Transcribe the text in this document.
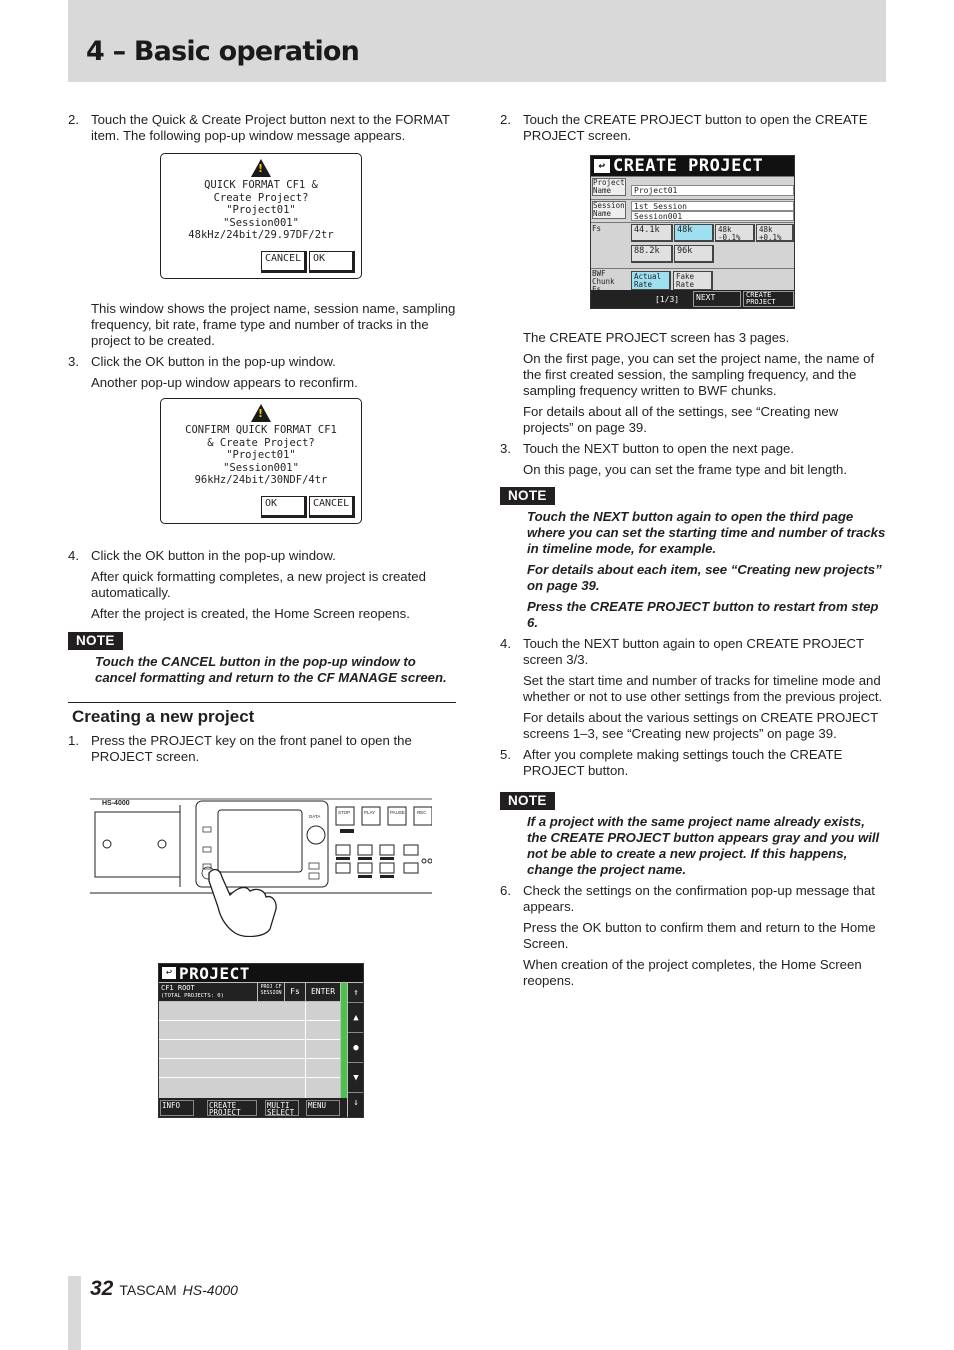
4 – Basic operation
2. Touch the Quick & Create Project button next to the FORMAT item. The following pop-up window message appears.
!
QUICK FORMAT CF1 &
Create Project?
"Project01"
"Session001"
48kHz/24bit/29.97DF/2tr
CANCEL	OK
This window shows the project name, session name, sampling frequency, bit rate, frame type and number of tracks in the project to be created.
3. Click the OK button in the pop-up window.
Another pop-up window appears to reconfirm.
!
CONFIRM QUICK FORMAT CF1
& Create Project?
"Project01"
"Session001"
96kHz/24bit/30NDF/4tr
OK	CANCEL
4. Click the OK button in the pop-up window.
After quick formatting completes, a new project is created automatically.
After the project is created, the Home Screen reopens.
NOTE
Touch the CANCEL button in the pop-up window to cancel formatting and return to the CF MANAGE screen.
Creating a new project
1. Press the PROJECT key on the front panel to open the PROJECT screen.
HS-4000
STOP	PLAY	PAUSE	REC
DATA
↩ PROJECT
CF1 ROOT
(TOTAL PROJECTS: 0)
PROJ CF SESSION	Fs	ENTER	⇑
▲
●
▼
⇓
INFO	CREATE PROJECT
MULTI SELECT
MENU
2. Touch the CREATE PROJECT button to open the CREATE PROJECT screen.
↩ CREATE PROJECT
Project Name	Project01
Session Name
1st Session
Session001
Fs	44.1k	48k	48k -0.1%
48k +0.1%
88.2k	96k
BWF Chunk
Actual Rate
Fake Rate
[1/3]	NEXT	CREATE PROJECT
The CREATE PROJECT screen has 3 pages.
On the first page, you can set the project name, the name of the first created session, the sampling frequency, and the sampling frequency written to BWF chunks.
For details about all of the settings, see “Creating new projects” on page 39.
3. Touch the NEXT button to open the next page.
On this page, you can set the frame type and bit length.
NOTE
Touch the NEXT button again to open the third page where you can set the starting time and number of tracks in timeline mode, for example.
For details about each item, see “Creating new projects” on page 39.
Press the CREATE PROJECT button to restart from step 6.
4. Touch the NEXT button again to open CREATE PROJECT screen 3/3.
Set the start time and number of tracks for timeline mode and whether or not to use other settings from the previous project.
For details about the various settings on CREATE PROJECT screens 1–3, see “Creating new projects” on page 39.
5. After you complete making settings touch the CREATE PROJECT button.
NOTE
If a project with the same project name already exists, the CREATE PROJECT button appears gray and you will not be able to create a new project. If this happens, change the project name.
6. Check the settings on the confirmation pop-up message that appears.
Press the OK button to confirm them and return to the Home Screen.
When creation of the project completes, the Home Screen reopens.
32 TASCAM HS-4000
